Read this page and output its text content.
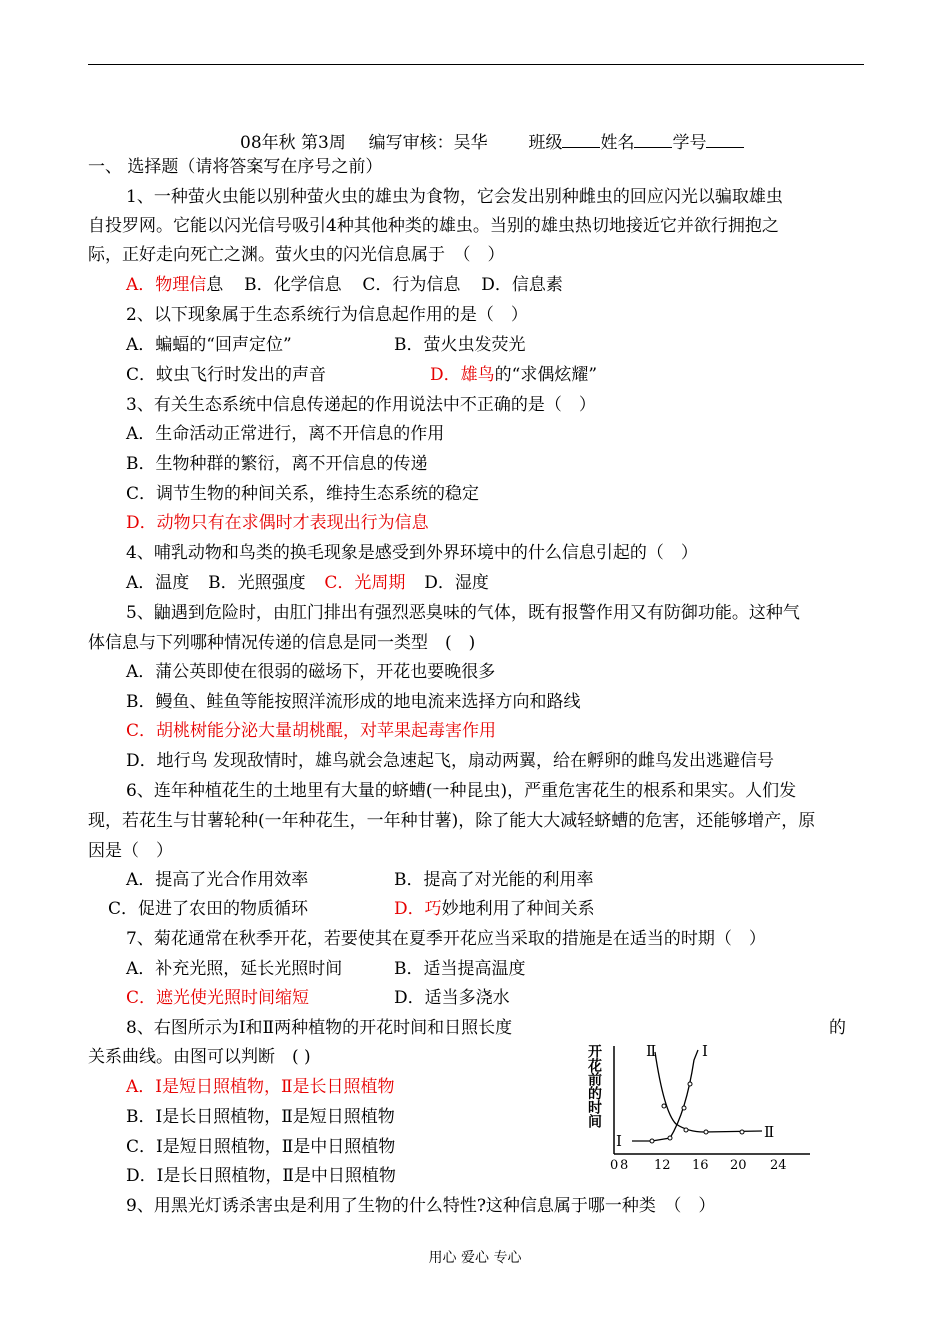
08年秋 第3周 编写审核：吴华 班级 姓名 学号
一、 选择题（请将答案写在序号之前）
1、一种萤火虫能以别种萤火虫的雄虫为食物，它会发出别种雌虫的回应闪光以骗取雄虫
自投罗网。它能以闪光信号吸引4种其他种类的雄虫。当别的雄虫热切地接近它并欲行拥抱之
际，正好走向死亡之渊。萤火虫的闪光信息属于　（　）
A．物理信息 B．化学信息 C．行为信息 D．信息素
2、以下现象属于生态系统行为信息起作用的是（　）
A．蝙蝠的“回声定位”	B．萤火虫发荧光
C．蚊虫飞行时发出的声音	D．雄鸟的“求偶炫耀”
3、有关生态系统中信息传递起的作用说法中不正确的是（　）
A．生命活动正常进行，离不开信息的作用
B．生物种群的繁衍，离不开信息的传递
C．调节生物的种间关系，维持生态系统的稳定
D．动物只有在求偶时才表现出行为信息
4、哺乳动物和鸟类的换毛现象是感受到外界环境中的什么信息引起的（　）
A．温度 B．光照强度 C．光周期 D．湿度
5、鼬遇到危险时，由肛门排出有强烈恶臭味的气体，既有报警作用又有防御功能。这种气
体信息与下列哪种情况传递的信息是同一类型　(　)
A．蒲公英即使在很弱的磁场下，开花也要晚很多
B．鳗鱼、鲑鱼等能按照洋流形成的地电流来选择方向和路线
C．胡桃树能分泌大量胡桃醌，对苹果起毒害作用
D．地行鸟 发现敌情时，雄鸟就会急速起飞，扇动两翼，给在孵卵的雌鸟发出逃避信号
6、连年种植花生的土地里有大量的蛴螬(一种昆虫)，严重危害花生的根系和果实。人们发
现，若花生与甘薯轮种(一年种花生，一年种甘薯)，除了能大大减轻蛴螬的危害，还能够增产，原
因是（　）
A．提高了光合作用效率	B．提高了对光能的利用率
C．促进了农田的物质循环	D．巧妙地利用了种间关系
7、菊花通常在秋季开花，若要使其在夏季开花应当采取的措施是在适当的时期（　）
A．补充光照，延长光照时间	B．适当提高温度
C．遮光使光照时间缩短	D．适当多浇水
8、右图所示为Ⅰ和Ⅱ两种植物的开花时间和日照长度	的
关系曲线。由图可以判断　( )
A．Ⅰ是短日照植物，Ⅱ是长日照植物
B．Ⅰ是长日照植物，Ⅱ是短日照植物
C．Ⅰ是短日照植物，Ⅱ是中日照植物
D．Ⅰ是长日照植物，Ⅱ是中日照植物
开花前的时间
0 8 12 16 20 24
Ⅰ
Ⅰ
Ⅱ
Ⅱ
9、用黑光灯诱杀害虫是利用了生物的什么特性?这种信息属于哪一种类　（　）
用心 爱心 专心
